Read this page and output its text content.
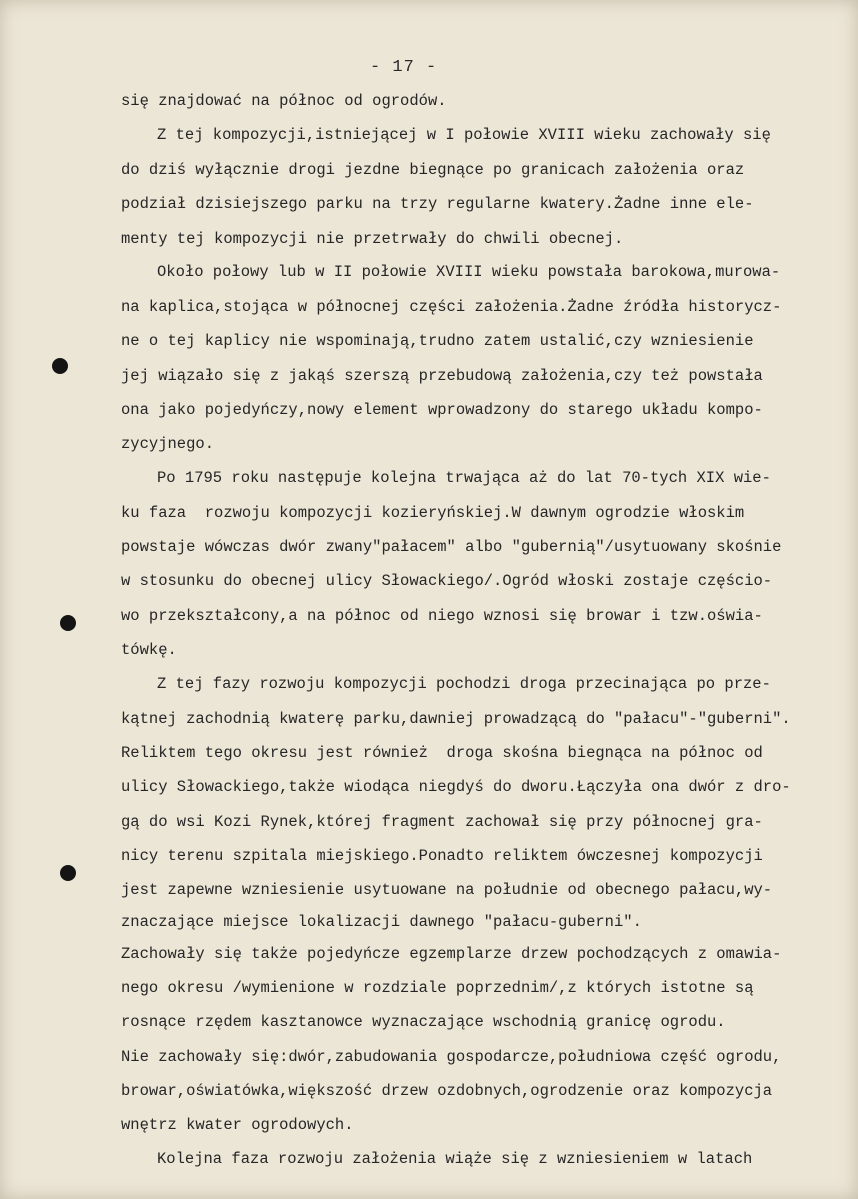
- 17 -
się znajdować na północ od ogrodów.
Z tej kompozycji,istniejącej w I połowie XVIII wieku zachowały się
do dziś wyłącznie drogi jezdne biegnące po granicach założenia oraz
podział dzisiejszego parku na trzy regularne kwatery.Żadne inne ele-
menty tej kompozycji nie przetrwały do chwili obecnej.
Około połowy lub w II połowie XVIII wieku powstała barokowa,murowa-
na kaplica,stojąca w północnej części założenia.Żadne źródła historycz-
ne o tej kaplicy nie wspominają,trudno zatem ustalić,czy wzniesienie
jej wiązało się z jakąś szerszą przebudową założenia,czy też powstała
ona jako pojedyńczy,nowy element wprowadzony do starego układu kompo-
zycyjnego.
Po 1795 roku następuje kolejna trwająca aż do lat 70-tych XIX wie-
ku faza  rozwoju kompozycji kozieryńskiej.W dawnym ogrodzie włoskim
powstaje wówczas dwór zwany"pałacem" albo "gubernią"/usytuowany skośnie
w stosunku do obecnej ulicy Słowackiego/.Ogród włoski zostaje częścio-
wo przekształcony,a na północ od niego wznosi się browar i tzw.oświa-
tówkę.
Z tej fazy rozwoju kompozycji pochodzi droga przecinająca po prze-
kątnej zachodnią kwaterę parku,dawniej prowadzącą do "pałacu"-"guberni".
Reliktem tego okresu jest również  droga skośna biegnąca na północ od
ulicy Słowackiego,także wiodąca niegdyś do dworu.Łączyła ona dwór z dro-
gą do wsi Kozi Rynek,której fragment zachował się przy północnej gra-
nicy terenu szpitala miejskiego.Ponadto reliktem ówczesnej kompozycji
jest zapewne wzniesienie usytuowane na południe od obecnego pałacu,wy-
znaczające miejsce lokalizacji dawnego "pałacu-guberni".
Zachowały się także pojedyńcze egzemplarze drzew pochodzących z omawia-
nego okresu /wymienione w rozdziale poprzednim/,z których istotne są
rosnące rzędem kasztanowce wyznaczające wschodnią granicę ogrodu.
Nie zachowały się:dwór,zabudowania gospodarcze,południowa część ogrodu,
browar,oświatówka,większość drzew ozdobnych,ogrodzenie oraz kompozycja
wnętrz kwater ogrodowych.
Kolejna faza rozwoju założenia wiąże się z wzniesieniem w latach
